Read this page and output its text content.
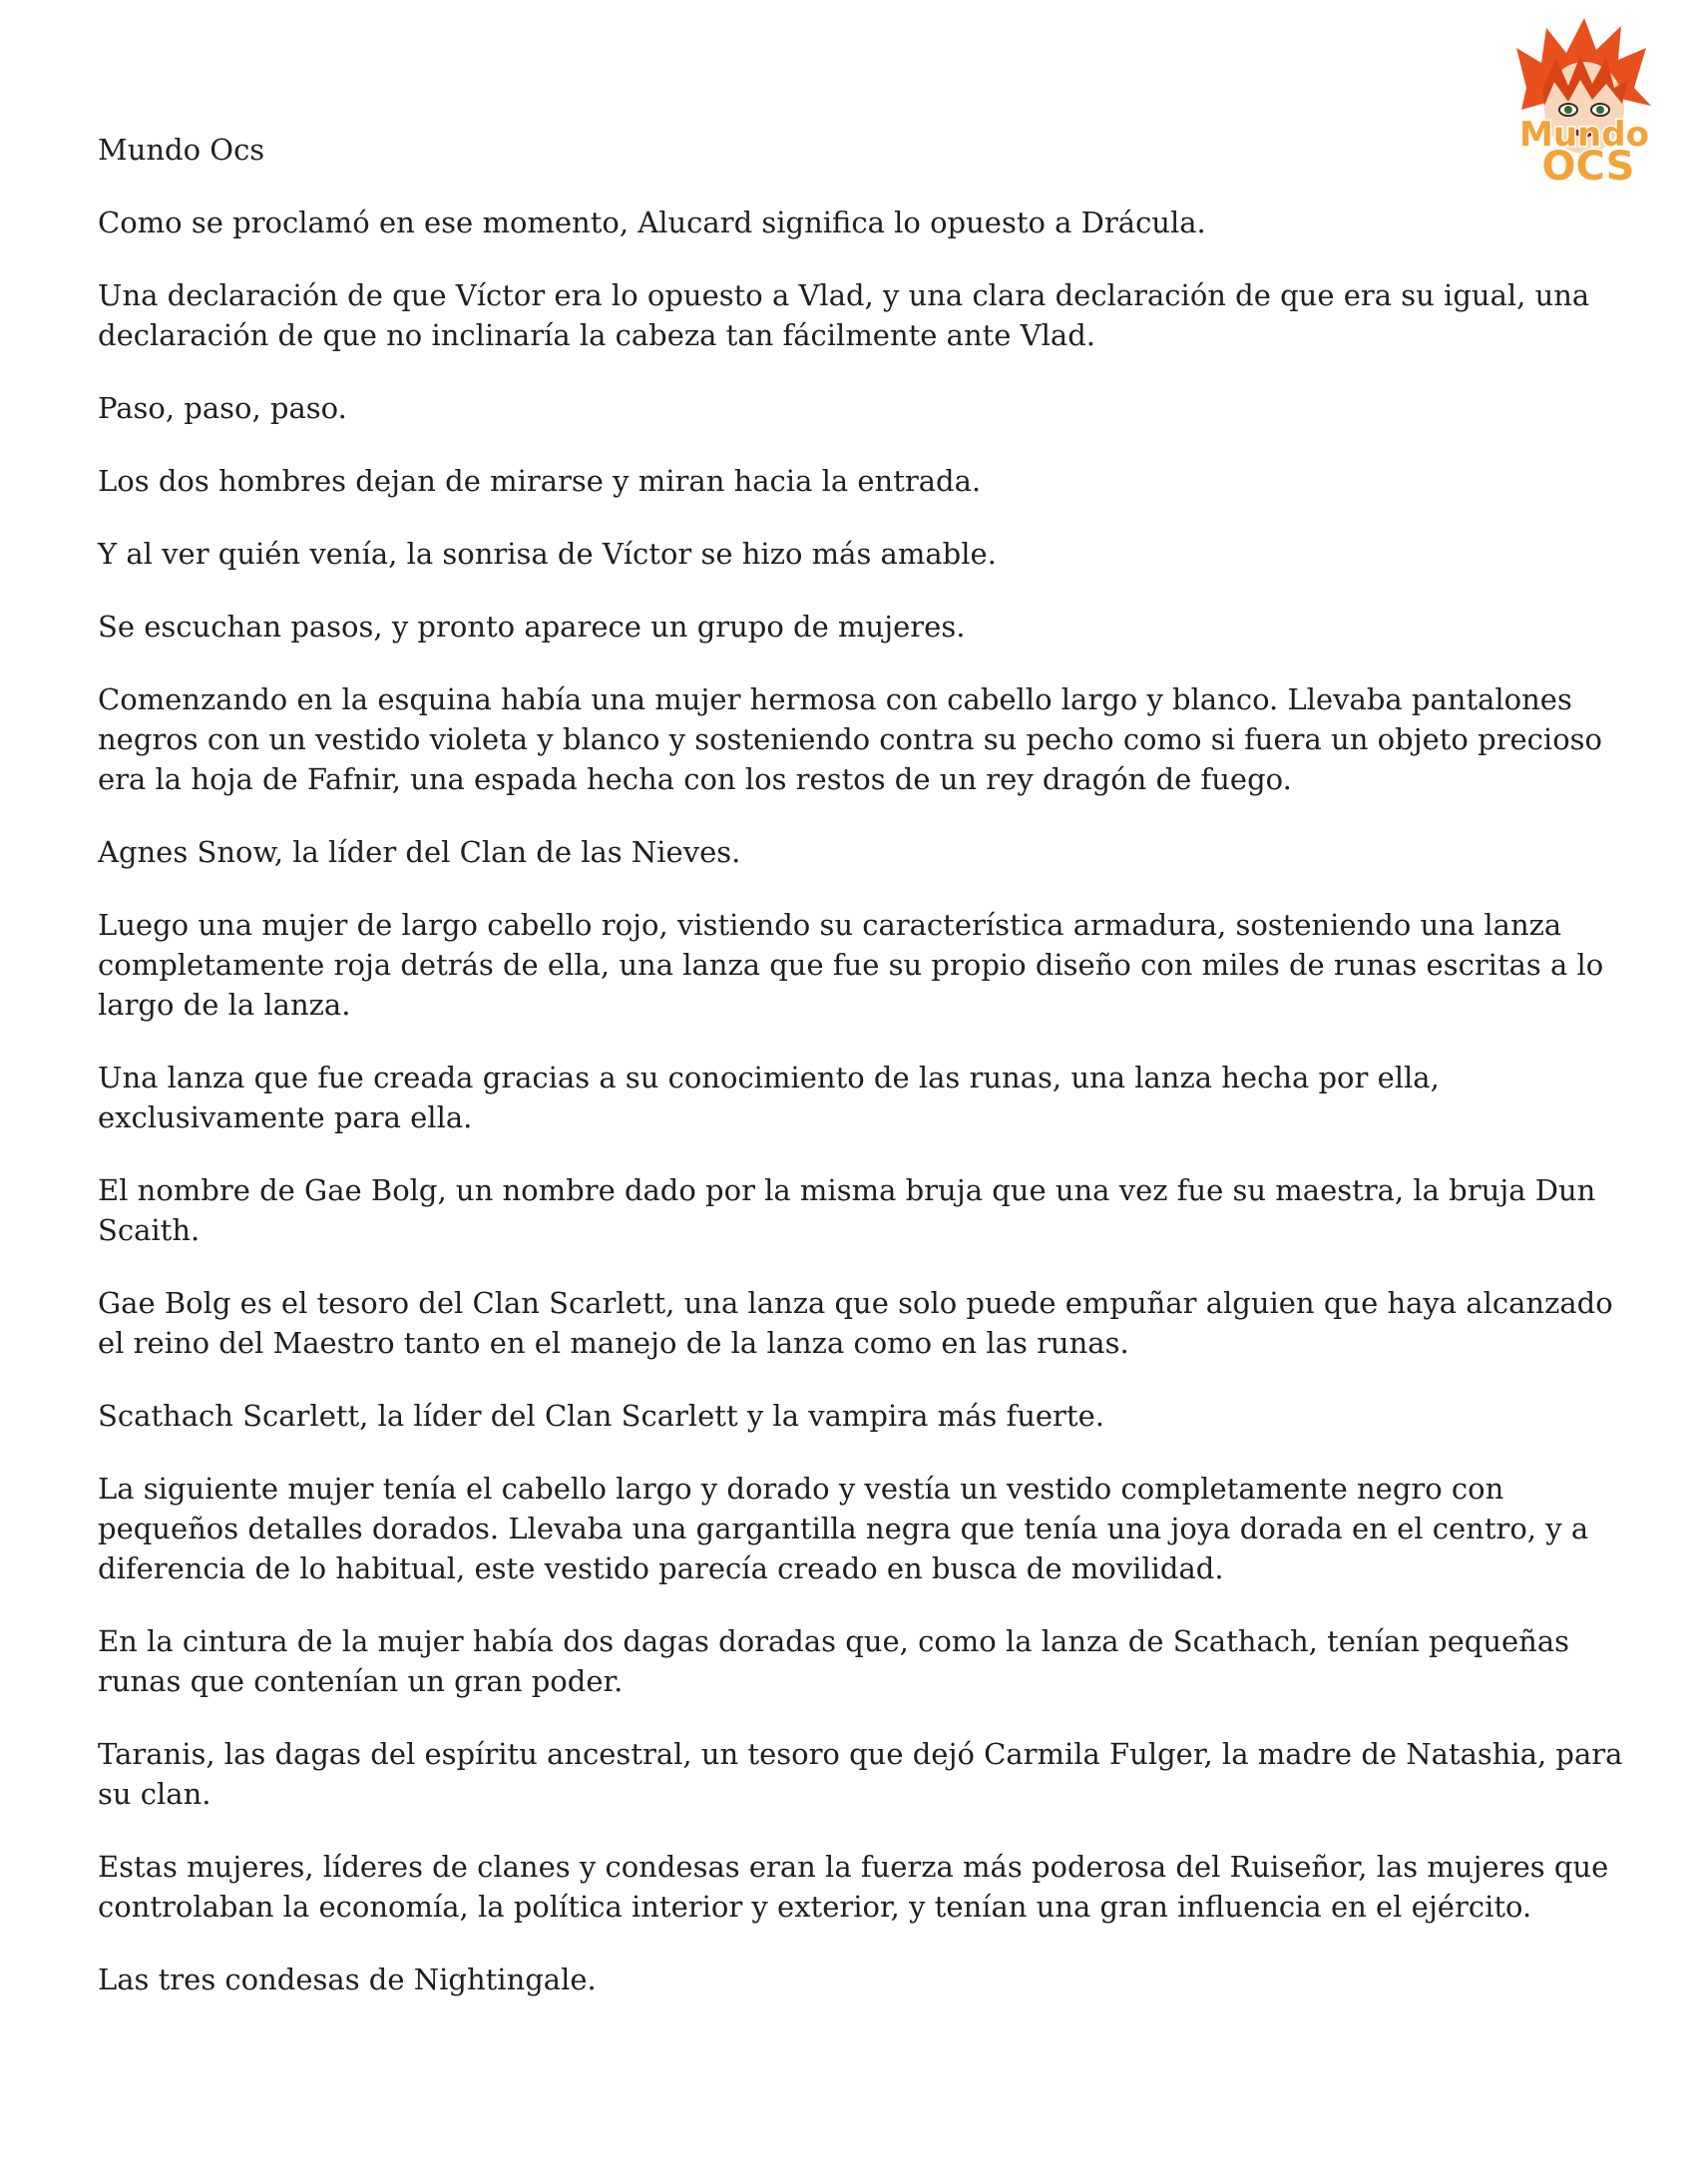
Mundo
OCS

Mundo Ocs

Como se proclamó en ese momento, Alucard significa lo opuesto a Drácula.

Una declaración de que Víctor era lo opuesto a Vlad, y una clara declaración de que era su igual, una declaración de que no inclinaría la cabeza tan fácilmente ante Vlad.

Paso, paso, paso.

Los dos hombres dejan de mirarse y miran hacia la entrada.

Y al ver quién venía, la sonrisa de Víctor se hizo más amable.

Se escuchan pasos, y pronto aparece un grupo de mujeres.

Comenzando en la esquina había una mujer hermosa con cabello largo y blanco. Llevaba pantalones negros con un vestido violeta y blanco y sosteniendo contra su pecho como si fuera un objeto precioso era la hoja de Fafnir, una espada hecha con los restos de un rey dragón de fuego.

Agnes Snow, la líder del Clan de las Nieves.

Luego una mujer de largo cabello rojo, vistiendo su característica armadura, sosteniendo una lanza completamente roja detrás de ella, una lanza que fue su propio diseño con miles de runas escritas a lo largo de la lanza.

Una lanza que fue creada gracias a su conocimiento de las runas, una lanza hecha por ella, exclusivamente para ella.

El nombre de Gae Bolg, un nombre dado por la misma bruja que una vez fue su maestra, la bruja Dun Scaith.

Gae Bolg es el tesoro del Clan Scarlett, una lanza que solo puede empuñar alguien que haya alcanzado el reino del Maestro tanto en el manejo de la lanza como en las runas.

Scathach Scarlett, la líder del Clan Scarlett y la vampira más fuerte.

La siguiente mujer tenía el cabello largo y dorado y vestía un vestido completamente negro con pequeños detalles dorados. Llevaba una gargantilla negra que tenía una joya dorada en el centro, y a diferencia de lo habitual, este vestido parecía creado en busca de movilidad.

En la cintura de la mujer había dos dagas doradas que, como la lanza de Scathach, tenían pequeñas runas que contenían un gran poder.

Taranis, las dagas del espíritu ancestral, un tesoro que dejó Carmila Fulger, la madre de Natashia, para su clan.

Estas mujeres, líderes de clanes y condesas eran la fuerza más poderosa del Ruiseñor, las mujeres que controlaban la economía, la política interior y exterior, y tenían una gran influencia en el ejército.

Las tres condesas de Nightingale.
